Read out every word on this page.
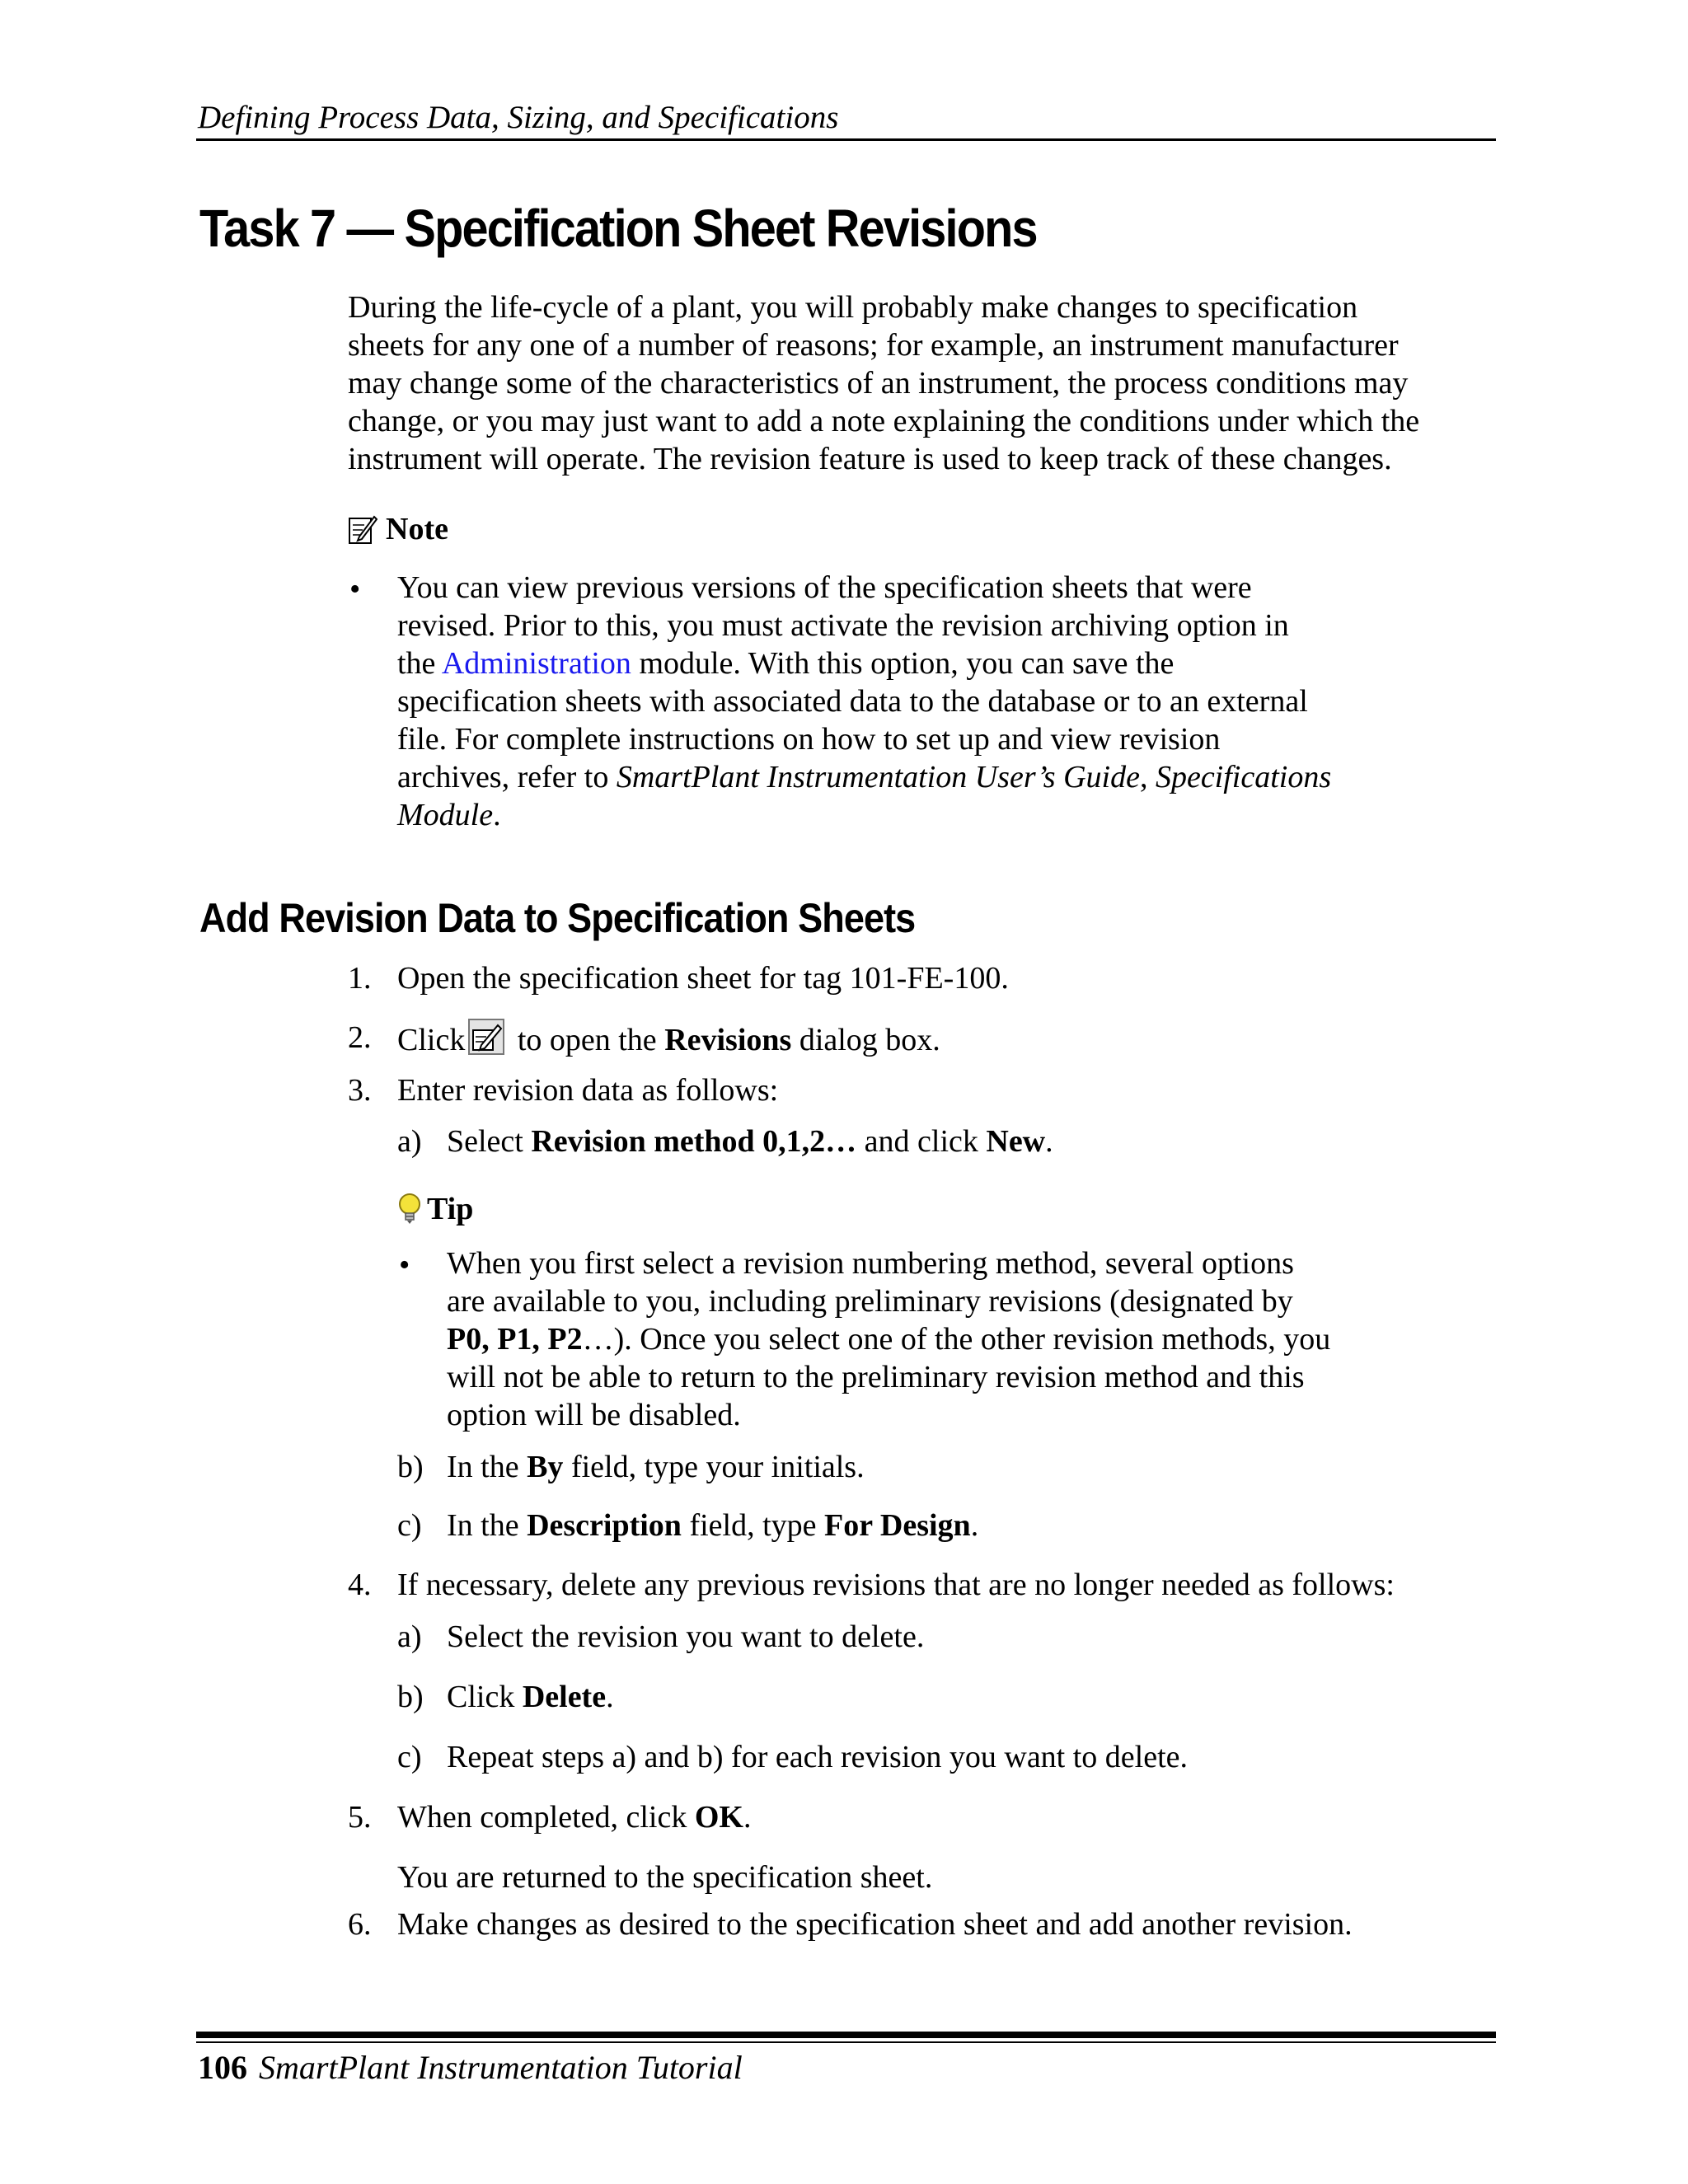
Defining Process Data, Sizing, and Specifications
Task 7 — Specification Sheet Revisions
During the life-cycle of a plant, you will probably make changes to specification
sheets for any one of a number of reasons; for example, an instrument manufacturer
may change some of the characteristics of an instrument, the process conditions may
change, or you may just want to add a note explaining the conditions under which the
instrument will operate. The revision feature is used to keep track of these changes.
Note
• You can view previous versions of the specification sheets that were
revised. Prior to this, you must activate the revision archiving option in
the Administration module. With this option, you can save the
specification sheets with associated data to the database or to an external
file. For complete instructions on how to set up and view revision
archives, refer to SmartPlant Instrumentation User’s Guide, Specifications
Module.
Add Revision Data to Specification Sheets
1. Open the specification sheet for tag 101-FE-100.
2. Click to open the Revisions dialog box.
3. Enter revision data as follows:
a) Select Revision method 0,1,2… and click New.
Tip
• When you first select a revision numbering method, several options
are available to you, including preliminary revisions (designated by
P0, P1, P2…). Once you select one of the other revision methods, you
will not be able to return to the preliminary revision method and this
option will be disabled.
b) In the By field, type your initials.
c) In the Description field, type For Design.
4. If necessary, delete any previous revisions that are no longer needed as follows:
a) Select the revision you want to delete.
b) Click Delete.
c) Repeat steps a) and b) for each revision you want to delete.
5. When completed, click OK.
You are returned to the specification sheet.
6. Make changes as desired to the specification sheet and add another revision.
106 SmartPlant Instrumentation Tutorial
